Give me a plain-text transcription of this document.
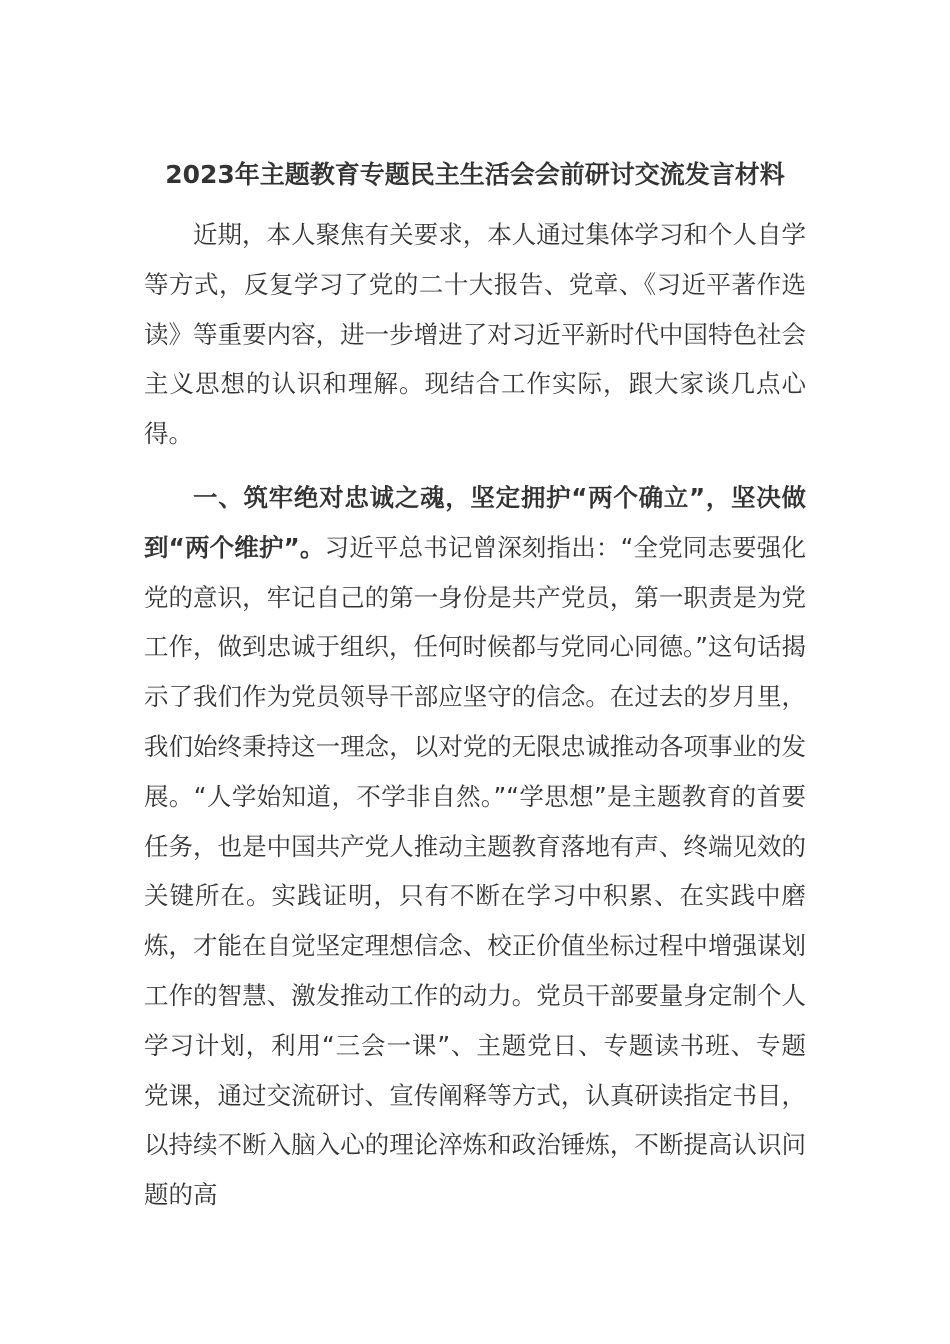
2023年主题教育专题民主生活会会前研讨交流发言材料

近期，本人聚焦有关要求，本人通过集体学习和个人自学等方式，反复学习了党的二十大报告、党章、《习近平著作选读》等重要内容，进一步增进了对习近平新时代中国特色社会主义思想的认识和理解。现结合工作实际，跟大家谈几点心得。

一、筑牢绝对忠诚之魂，坚定拥护“两个确立”，坚决做到“两个维护”。习近平总书记曾深刻指出：“全党同志要强化党的意识，牢记自己的第一身份是共产党员，第一职责是为党工作，做到忠诚于组织，任何时候都与党同心同德。”这句话揭示了我们作为党员领导干部应坚守的信念。在过去的岁月里，我们始终秉持这一理念，以对党的无限忠诚推动各项事业的发展。“人学始知道，不学非自然。”“学思想”是主题教育的首要任务，也是中国共产党人推动主题教育落地有声、终端见效的关键所在。实践证明，只有不断在学习中积累、在实践中磨炼，才能在自觉坚定理想信念、校正价值坐标过程中增强谋划工作的智慧、激发推动工作的动力。党员干部要量身定制个人学习计划，利用“三会一课”、主题党日、专题读书班、专题党课，通过交流研讨、宣传阐释等方式，认真研读指定书目，以持续不断入脑入心的理论淬炼和政治锤炼，不断提高认识问题的高
